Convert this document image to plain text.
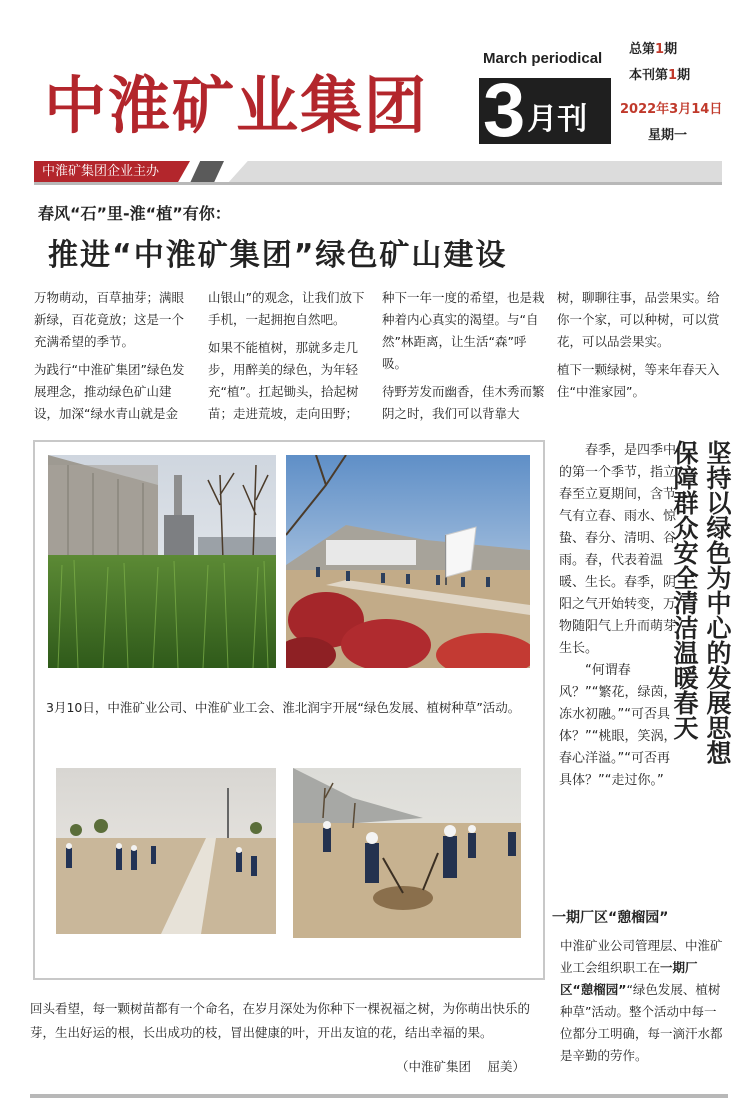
中淮矿业集团
March periodical
3 月刊
总第1期
本刊第1期
2022年3月14日
星期一
中淮矿集团企业主办
春风“石”里-淮“植”有你：
推进“中淮矿集团”绿色矿山建设

万物萌动，百草抽芽；满眼新绿，百花竟放；这是一个充满希望的季节。

为践行“中淮矿集团”绿色发展理念，推动绿色矿山建设，加深“绿水青山就是金

山银山”的观念，让我们放下手机，一起拥抱自然吧。

如果不能植树，那就多走几步，用醉美的绿色，为年轻充“植”。扛起锄头，拾起树苗；走进荒坡，走向田野；

种下一年一度的希望，也是栽种着内心真实的渴望。与“自然”林距离，让生活“森”呼吸。

待野芳发而幽香，佳木秀而繁阴之时，我们可以背靠大

树，聊聊往事，品尝果实。给你一个家，可以种树，可以赏花，可以品尝果实。

植下一颗绿树，等来年春天入住“中淮家园”。

3月10日，中淮矿业公司、中淮矿业工会、淮北润宇开展“绿色发展、植树种草”活动。	坚持以绿色为中心的发展思想
保障群众安全清洁温暖春天

春季，是四季中的第一个季节，指立春至立夏期间，含节气有立春、雨水、惊蛰、春分、清明、谷雨。春，代表着温暖、生长。春季，阴阳之气开始转变，万物随阳气上升而萌芽生长。

“何谓春风？”“繁花，绿茵，冻水初融。”“可否具体？”“桃眼，笑涡，春心洋溢。”“可否再具体？”“走过你。”

一期厂区“憩榴园”
中淮矿业公司管理层、中淮矿业工会组织职工在一期厂区“憩榴园”“绿色发展、植树种草”活动。整个活动中每一位都分工明确，每一滴汗水都是辛勤的劳作。
回头看望，每一颗树苗都有一个命名，在岁月深处为你种下一棵祝福之树，为你萌出快乐的芽，生出好运的根，长出成功的枝，冒出健康的叶，开出友谊的花，结出幸福的果。
（中淮矿集团　 屈美）
